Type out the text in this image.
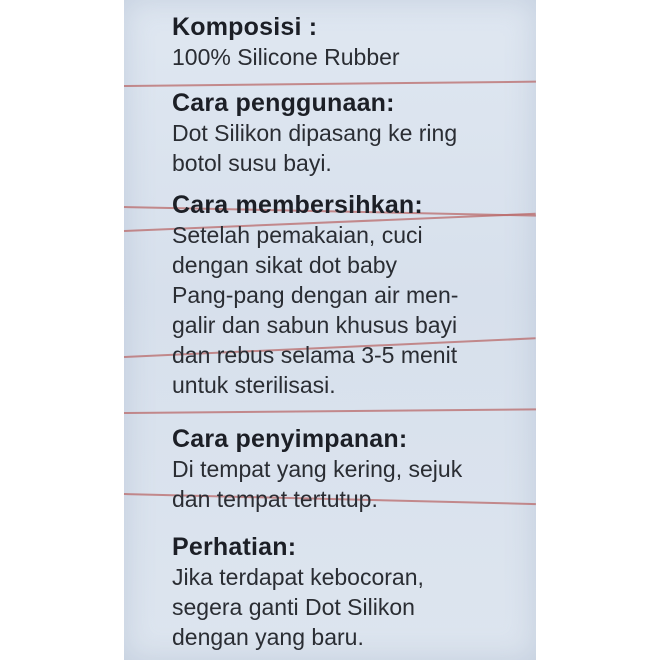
Komposisi :
100% Silicone Rubber
Cara penggunaan:
Dot Silikon dipasang ke ring
botol susu bayi.
Cara membersihkan:
Setelah pemakaian, cuci
dengan sikat dot baby
Pang-pang dengan air men-
galir dan sabun khusus bayi
dan rebus selama 3-5 menit
untuk sterilisasi.
Cara penyimpanan:
Di tempat yang kering, sejuk
dan tempat tertutup.
Perhatian:
Jika terdapat kebocoran,
segera ganti Dot Silikon
dengan yang baru.
